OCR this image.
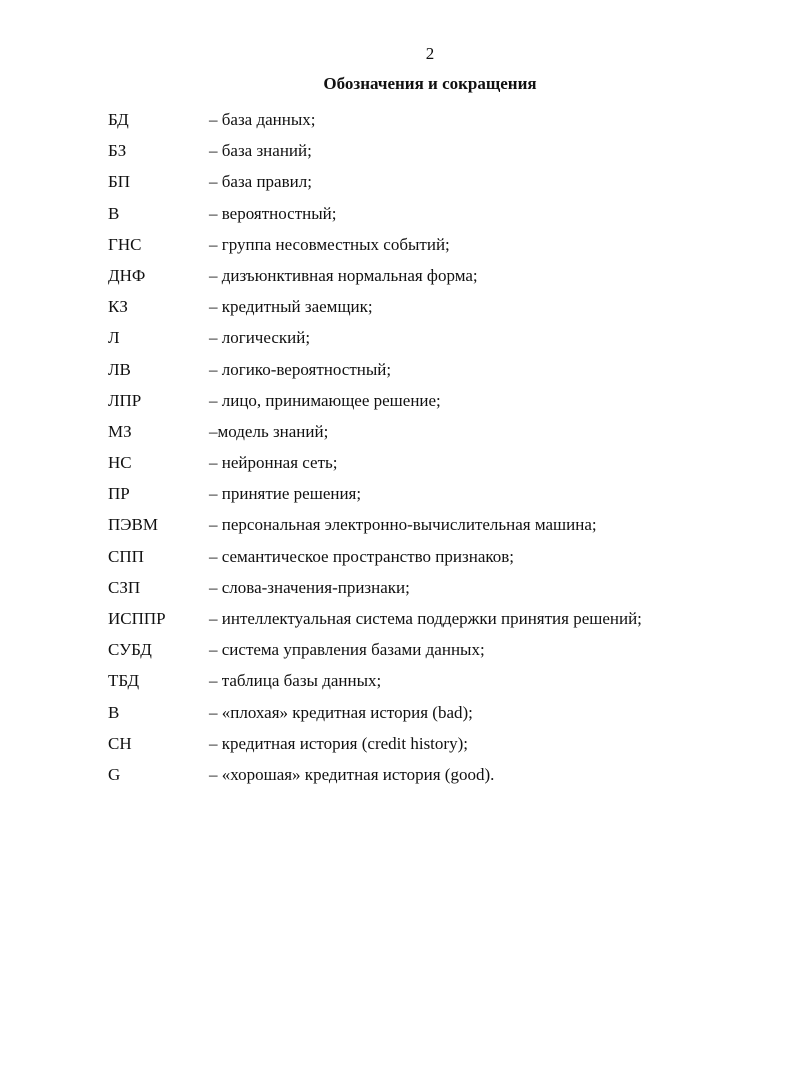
2
Обозначения и сокращения
БД	– база данных;
БЗ	– база знаний;
БП	– база правил;
В	– вероятностный;
ГНС	– группа несовместных событий;
ДНФ	– дизъюнктивная нормальная форма;
КЗ	– кредитный заемщик;
Л	– логический;
ЛВ	– логико-вероятностный;
ЛПР	– лицо, принимающее решение;
МЗ	–модель знаний;
НС	– нейронная сеть;
ПР	– принятие решения;
ПЭВМ	– персональная электронно-вычислительная машина;
СПП	– семантическое пространство признаков;
СЗП	– слова-значения-признаки;
ИСППР	– интеллектуальная система поддержки принятия решений;
СУБД	– система управления базами данных;
ТБД	– таблица базы данных;
B	– «плохая» кредитная история (bad);
CH	– кредитная история (credit history);
G	– «хорошая» кредитная история (good).
